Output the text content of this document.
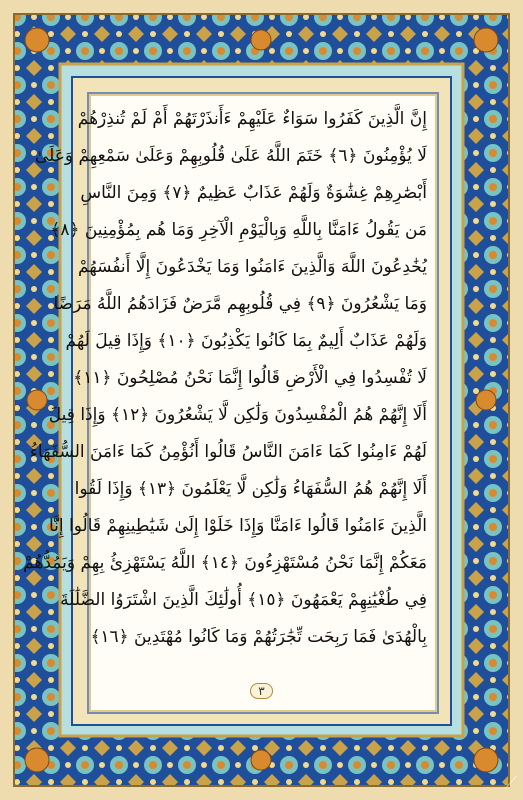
إِنَّ الَّذِينَ كَفَرُوا سَوَاءٌ عَلَيْهِمْ ءَأَنذَرْتَهُمْ أَمْ لَمْ تُنذِرْهُمْ
لَا يُؤْمِنُونَ ﴿٦﴾ خَتَمَ اللَّهُ عَلَىٰ قُلُوبِهِمْ وَعَلَىٰ سَمْعِهِمْ وَعَلَىٰ
أَبْصَٰرِهِمْ غِشَٰوَةٌ وَلَهُمْ عَذَابٌ عَظِيمٌ ﴿٧﴾ وَمِنَ النَّاسِ
مَن يَقُولُ ءَامَنَّا بِاللَّهِ وَبِالْيَوْمِ الْآخِرِ وَمَا هُم بِمُؤْمِنِينَ ﴿٨﴾
يُخَٰدِعُونَ اللَّهَ وَالَّذِينَ ءَامَنُوا وَمَا يَخْدَعُونَ إِلَّا أَنفُسَهُمْ
وَمَا يَشْعُرُونَ ﴿٩﴾ فِي قُلُوبِهِم مَّرَضٌ فَزَادَهُمُ اللَّهُ مَرَضًا
وَلَهُمْ عَذَابٌ أَلِيمٌ بِمَا كَانُوا يَكْذِبُونَ ﴿١٠﴾ وَإِذَا قِيلَ لَهُمْ
لَا تُفْسِدُوا فِي الْأَرْضِ قَالُوا إِنَّمَا نَحْنُ مُصْلِحُونَ ﴿١١﴾
أَلَا إِنَّهُمْ هُمُ الْمُفْسِدُونَ وَلَٰكِن لَّا يَشْعُرُونَ ﴿١٢﴾ وَإِذَا قِيلَ
لَهُمْ ءَامِنُوا كَمَا ءَامَنَ النَّاسُ قَالُوا أَنُؤْمِنُ كَمَا ءَامَنَ السُّفَهَاءُ
أَلَا إِنَّهُمْ هُمُ السُّفَهَاءُ وَلَٰكِن لَّا يَعْلَمُونَ ﴿١٣﴾ وَإِذَا لَقُوا
الَّذِينَ ءَامَنُوا قَالُوا ءَامَنَّا وَإِذَا خَلَوْا إِلَىٰ شَيَٰطِينِهِمْ قَالُوا إِنَّا
مَعَكُمْ إِنَّمَا نَحْنُ مُسْتَهْزِءُونَ ﴿١٤﴾ اللَّهُ يَسْتَهْزِئُ بِهِمْ وَيَمُدُّهُمْ
فِي طُغْيَٰنِهِمْ يَعْمَهُونَ ﴿١٥﴾ أُولَٰئِكَ الَّذِينَ اشْتَرَوُا الضَّلَٰلَةَ
بِالْهُدَىٰ فَمَا رَبِحَت تِّجَٰرَتُهُمْ وَمَا كَانُوا مُهْتَدِينَ ﴿١٦﴾
٣
⟋
